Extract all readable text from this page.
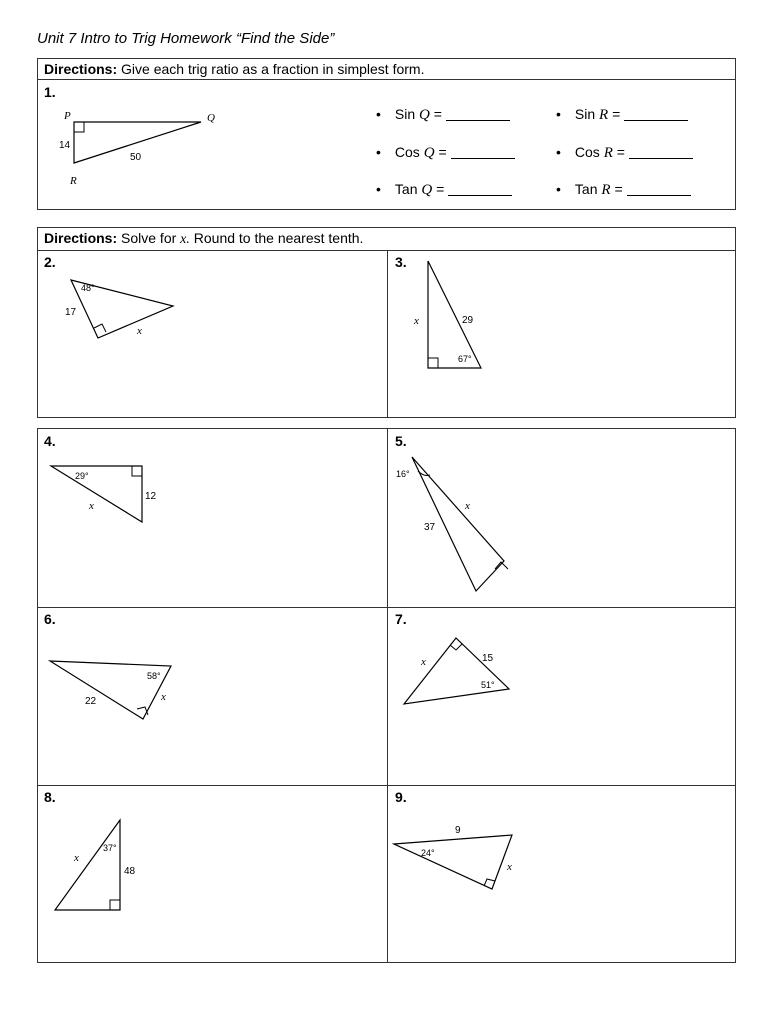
Unit 7 Intro to Trig Homework “Find the Side”
Directions: Give each trig ratio as a fraction in simplest form.
1.
P	Q
R
14
50
• Sin Q =
• Cos Q =
• Tan Q =
• Sin R =
• Cos R =
• Tan R =
Directions: Solve for x. Round to the nearest tenth.
2.
48°
17
x
3.
x	29
67°
4.
29°
12
x
5.
16°
x
37
6.
58°
x
22
7.
x	15
51°
8.
x
37°
48
9.
9
24°
x
